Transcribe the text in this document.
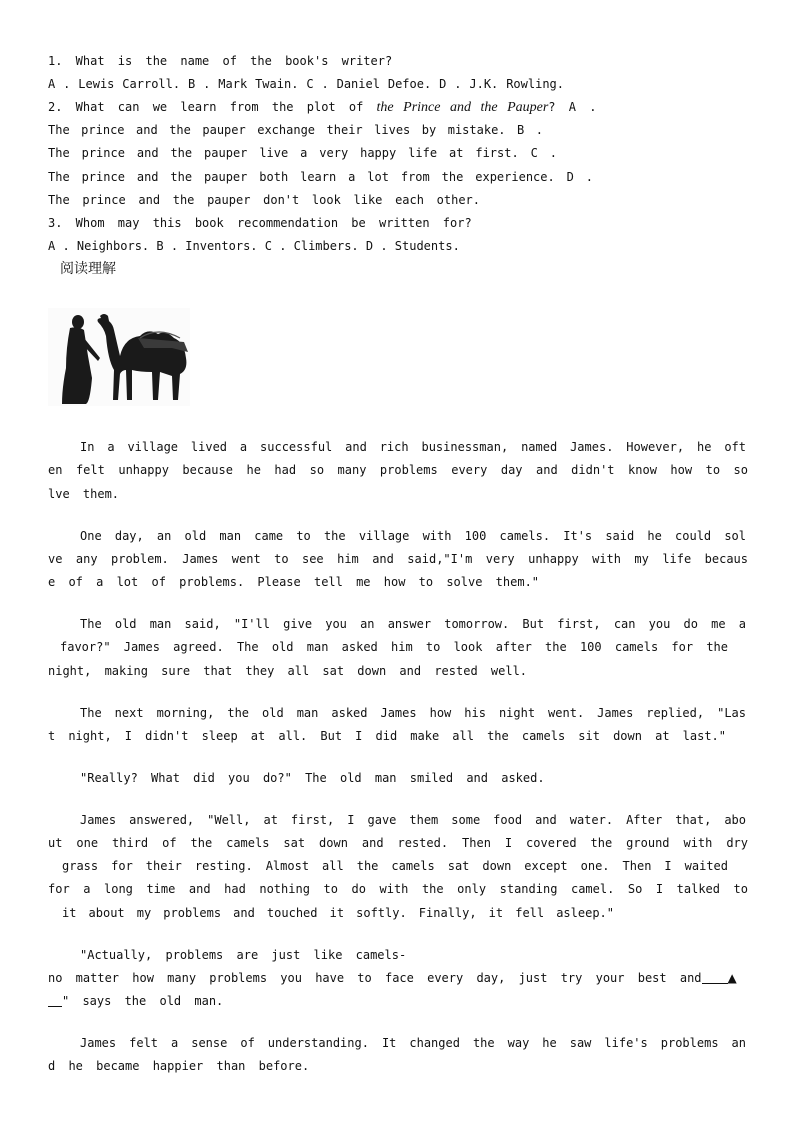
1. What is the name of the book's writer?
A . Lewis Carroll. B . Mark Twain. C . Daniel Defoe. D . J.K. Rowling.
2. What can we learn from the plot of the Prince and the Pauper? A .
The prince and the pauper exchange their lives by mistake. B .
The prince and the pauper live a very happy life at first. C .
The prince and the pauper both learn a lot from the experience. D .
The prince and the pauper don't look like each other.
3. Whom may this book recommendation be written for?
A . Neighbors. B . Inventors. C . Climbers. D . Students.
阅读理解
In a village lived a successful and rich businessman, named James. However, he oft
en felt unhappy because he had so many problems every day and didn't know how to so
lve them.
One day, an old man came to the village with 100 camels. It's said he could sol
ve any problem. James went to see him and said,"I'm very unhappy with my life becaus
e of a lot of problems. Please tell me how to solve them."
The old man said, "I'll give you an answer tomorrow. But first, can you do me a
favor?" James agreed. The old man asked him to look after the 100 camels for the
night, making sure that they all sat down and rested well.
The next morning, the old man asked James how his night went. James replied, "Las
t night, I didn't sleep at all. But I did make all the camels sit down at last."
"Really? What did you do?" The old man smiled and asked.
James answered, "Well, at first, I gave them some food and water. After that, abo
ut one third of the camels sat down and rested. Then I covered the ground with dry
grass for their resting. Almost all the camels sat down except one. Then I waited
for a long time and had nothing to do with the only standing camel. So I talked to
it about my problems and touched it softly. Finally, it fell asleep."
"Actually, problems are just like camels-
no matter how many problems you have to face every day, just try your best and ▲
" says the old man.
James felt a sense of understanding. It changed the way he saw life's problems an
d he became happier than before.
